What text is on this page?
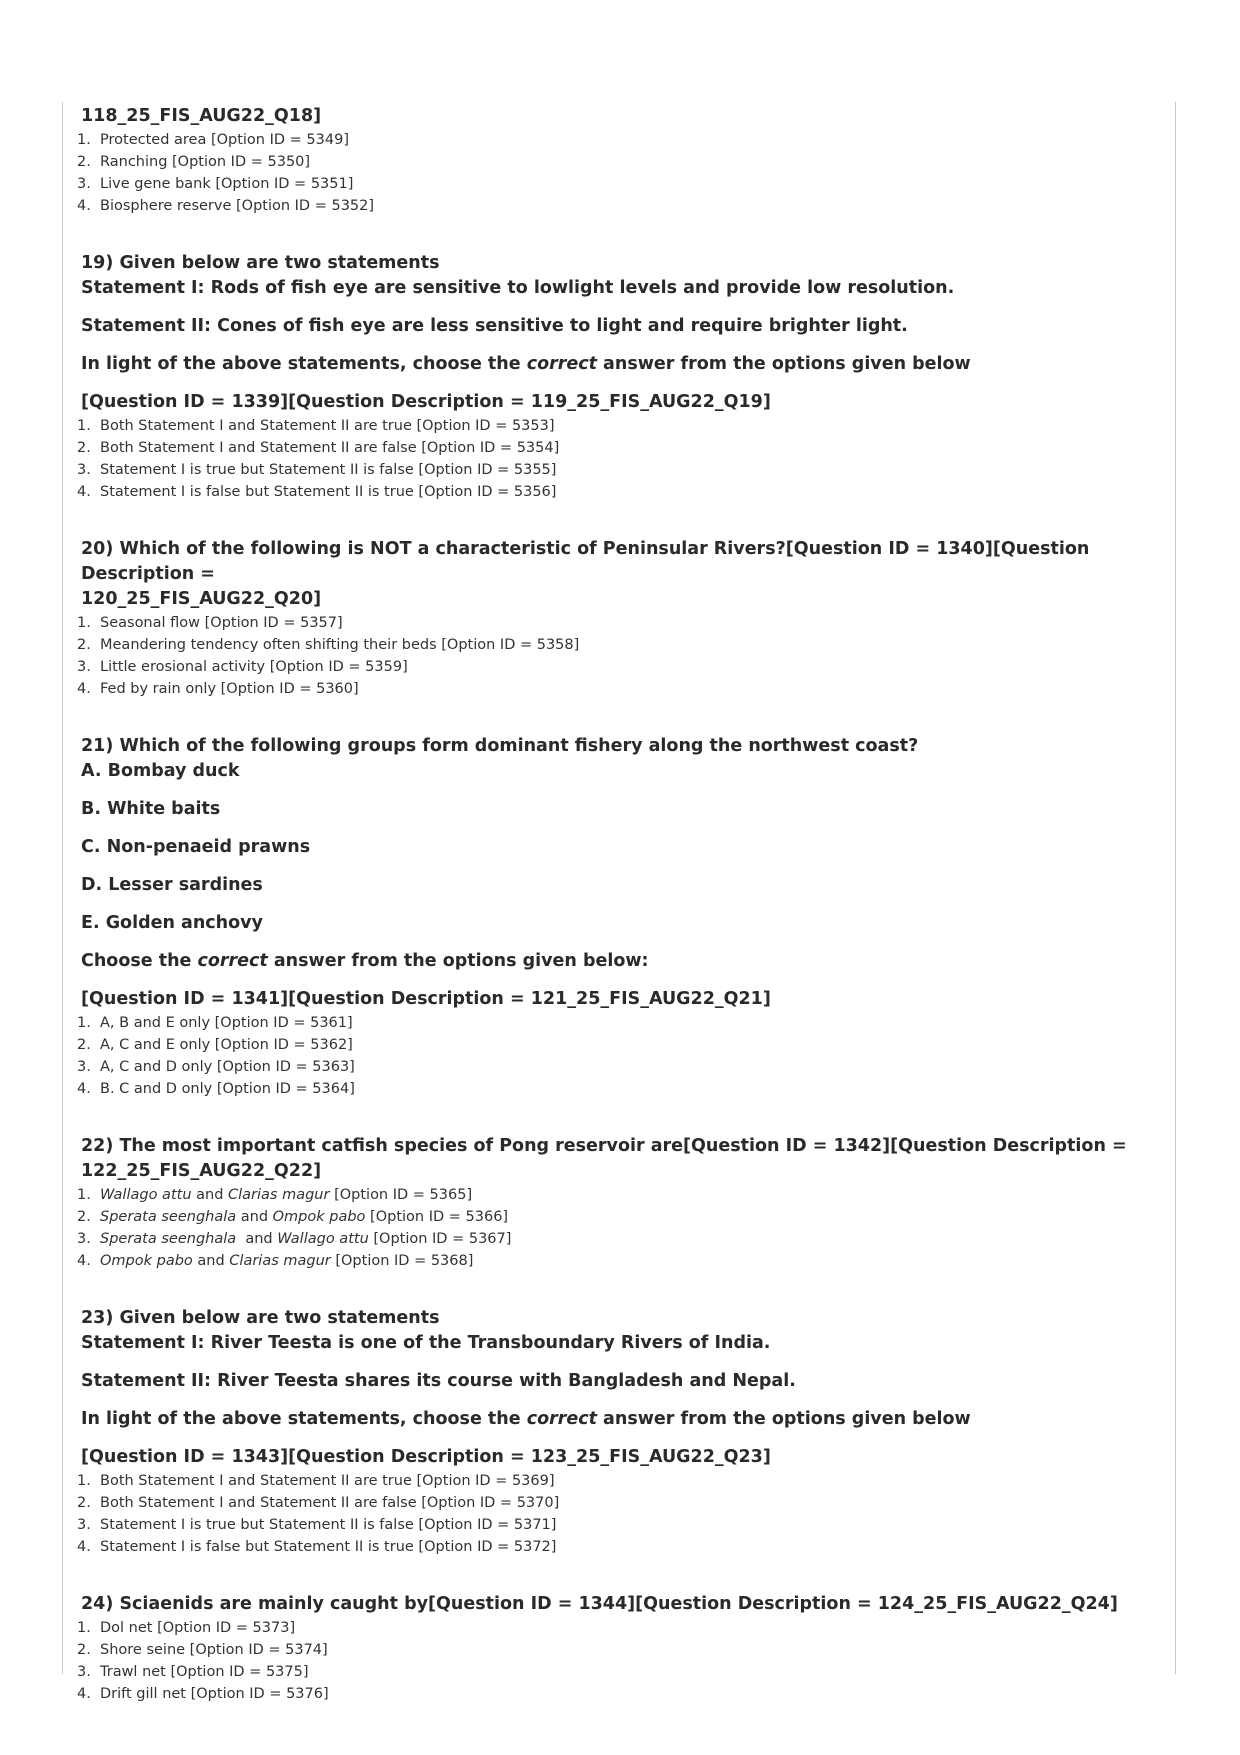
118_25_FIS_AUG22_Q18]
1. Protected area [Option ID = 5349]
2. Ranching [Option ID = 5350]
3. Live gene bank [Option ID = 5351]
4. Biosphere reserve [Option ID = 5352]
19) Given below are two statements
Statement I: Rods of fish eye are sensitive to lowlight levels and provide low resolution.
Statement II: Cones of fish eye are less sensitive to light and require brighter light.
In light of the above statements, choose the correct answer from the options given below
[Question ID = 1339][Question Description = 119_25_FIS_AUG22_Q19]
1. Both Statement I and Statement II are true [Option ID = 5353]
2. Both Statement I and Statement II are false [Option ID = 5354]
3. Statement I is true but Statement II is false [Option ID = 5355]
4. Statement I is false but Statement II is true [Option ID = 5356]
20) Which of the following is NOT a characteristic of Peninsular Rivers?[Question ID = 1340][Question Description =
120_25_FIS_AUG22_Q20]
1. Seasonal flow [Option ID = 5357]
2. Meandering tendency often shifting their beds [Option ID = 5358]
3. Little erosional activity [Option ID = 5359]
4. Fed by rain only [Option ID = 5360]
21) Which of the following groups form dominant fishery along the northwest coast?
A. Bombay duck
B. White baits
C. Non-penaeid prawns
D. Lesser sardines
E. Golden anchovy
Choose the correct answer from the options given below:
[Question ID = 1341][Question Description = 121_25_FIS_AUG22_Q21]
1. A, B and E only [Option ID = 5361]
2. A, C and E only [Option ID = 5362]
3. A, C and D only [Option ID = 5363]
4. B. C and D only [Option ID = 5364]
22) The most important catfish species of Pong reservoir are[Question ID = 1342][Question Description =
122_25_FIS_AUG22_Q22]
1. Wallago attu and Clarias magur [Option ID = 5365]
2. Sperata seenghala and Ompok pabo [Option ID = 5366]
3. Sperata seenghala  and Wallago attu [Option ID = 5367]
4. Ompok pabo and Clarias magur [Option ID = 5368]
23) Given below are two statements
Statement I: River Teesta is one of the Transboundary Rivers of India.
Statement II: River Teesta shares its course with Bangladesh and Nepal.
In light of the above statements, choose the correct answer from the options given below
[Question ID = 1343][Question Description = 123_25_FIS_AUG22_Q23]
1. Both Statement I and Statement II are true [Option ID = 5369]
2. Both Statement I and Statement II are false [Option ID = 5370]
3. Statement I is true but Statement II is false [Option ID = 5371]
4. Statement I is false but Statement II is true [Option ID = 5372]
24) Sciaenids are mainly caught by[Question ID = 1344][Question Description = 124_25_FIS_AUG22_Q24]
1. Dol net [Option ID = 5373]
2. Shore seine [Option ID = 5374]
3. Trawl net [Option ID = 5375]
4. Drift gill net [Option ID = 5376]
